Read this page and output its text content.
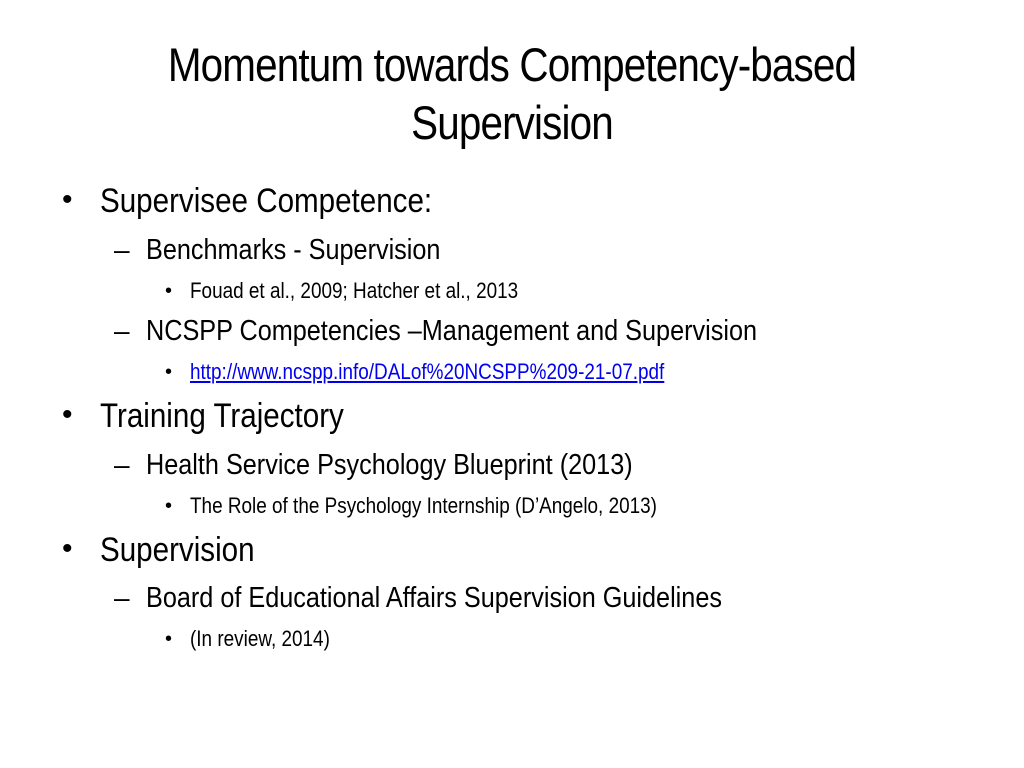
Momentum towards Competency-based
Supervision
• Supervisee Competence:
– Benchmarks - Supervision
• Fouad et al., 2009; Hatcher et al., 2013
– NCSPP Competencies –Management and Supervision
• http://www.ncspp.info/DALof%20NCSPP%209-21-07.pdf
• Training Trajectory
– Health Service Psychology Blueprint (2013)
• The Role of the Psychology Internship (D’Angelo, 2013)
• Supervision
– Board of Educational Affairs Supervision Guidelines
• (In review, 2014)
